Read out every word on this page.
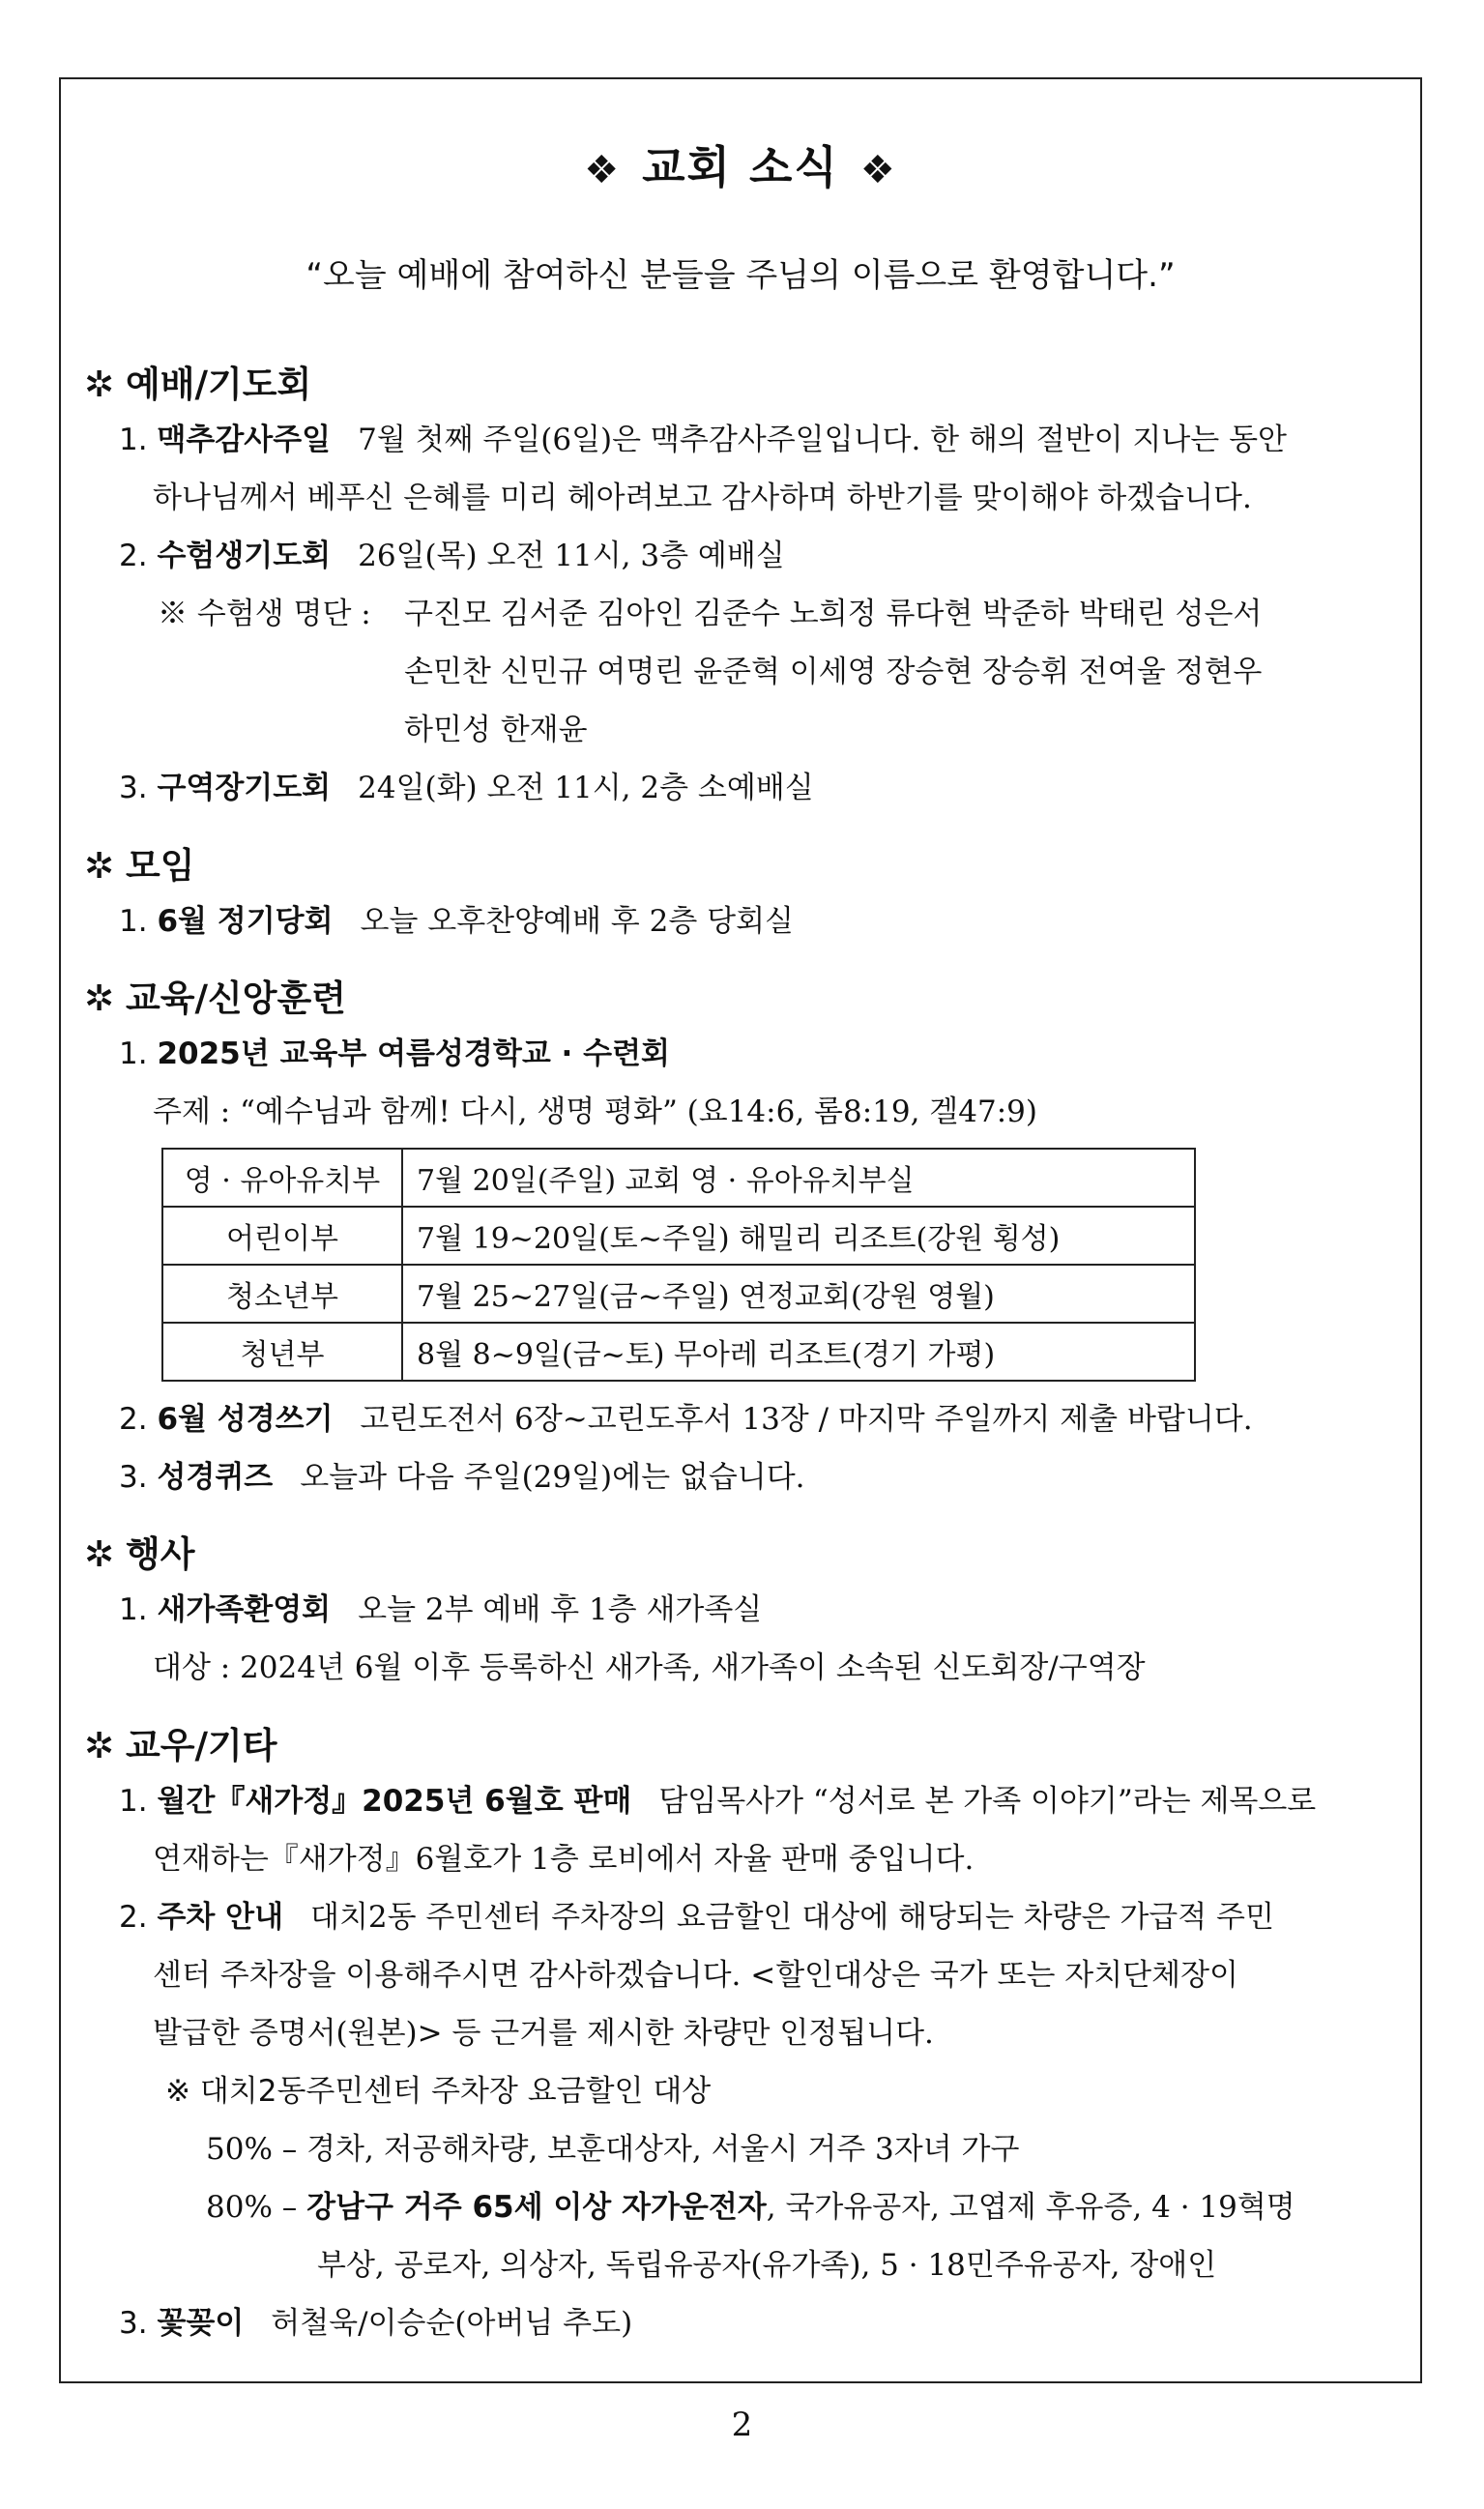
❖ 교회 소식 ❖
“오늘 예배에 참여하신 분들을 주님의 이름으로 환영합니다.”
✲ 예배/기도회
1. 맥추감사주일 7월 첫째 주일(6일)은 맥추감사주일입니다. 한 해의 절반이 지나는 동안
하나님께서 베푸신 은혜를 미리 헤아려보고 감사하며 하반기를 맞이해야 하겠습니다.
2. 수험생기도회 26일(목) 오전 11시, 3층 예배실
※ 수험생 명단 : 구진모 김서준 김아인 김준수 노희정 류다현 박준하 박태린 성은서
손민찬 신민규 여명린 윤준혁 이세영 장승현 장승휘 전여울 정현우
하민성 한재윤
3. 구역장기도회 24일(화) 오전 11시, 2층 소예배실
✲ 모임
1. 6월 정기당회 오늘 오후찬양예배 후 2층 당회실
✲ 교육/신앙훈련
1. 2025년 교육부 여름성경학교 · 수련회
주제 : “예수님과 함께! 다시, 생명 평화” (요14:6, 롬8:19, 겔47:9)
영 · 유아유치부	7월 20일(주일) 교회 영 · 유아유치부실
어린이부	7월 19~20일(토~주일) 해밀리 리조트(강원 횡성)
청소년부	7월 25~27일(금~주일) 연정교회(강원 영월)
청년부	8월 8~9일(금~토) 무아레 리조트(경기 가평)
2. 6월 성경쓰기 고린도전서 6장~고린도후서 13장 / 마지막 주일까지 제출 바랍니다.
3. 성경퀴즈 오늘과 다음 주일(29일)에는 없습니다.
✲ 행사
1. 새가족환영회 오늘 2부 예배 후 1층 새가족실
대상 : 2024년 6월 이후 등록하신 새가족, 새가족이 소속된 신도회장/구역장
✲ 교우/기타
1. 월간『새가정』2025년 6월호 판매 담임목사가 “성서로 본 가족 이야기”라는 제목으로
연재하는『새가정』6월호가 1층 로비에서 자율 판매 중입니다.
2. 주차 안내 대치2동 주민센터 주차장의 요금할인 대상에 해당되는 차량은 가급적 주민
센터 주차장을 이용해주시면 감사하겠습니다. <할인대상은 국가 또는 자치단체장이
발급한 증명서(원본)> 등 근거를 제시한 차량만 인정됩니다.
※ 대치2동주민센터 주차장 요금할인 대상
50% – 경차, 저공해차량, 보훈대상자, 서울시 거주 3자녀 가구
80% – 강남구 거주 65세 이상 자가운전자, 국가유공자, 고엽제 후유증, 4 · 19혁명
부상, 공로자, 의상자, 독립유공자(유가족), 5 · 18민주유공자, 장애인
3. 꽃꽂이 허철욱/이승순(아버님 추도)
2
